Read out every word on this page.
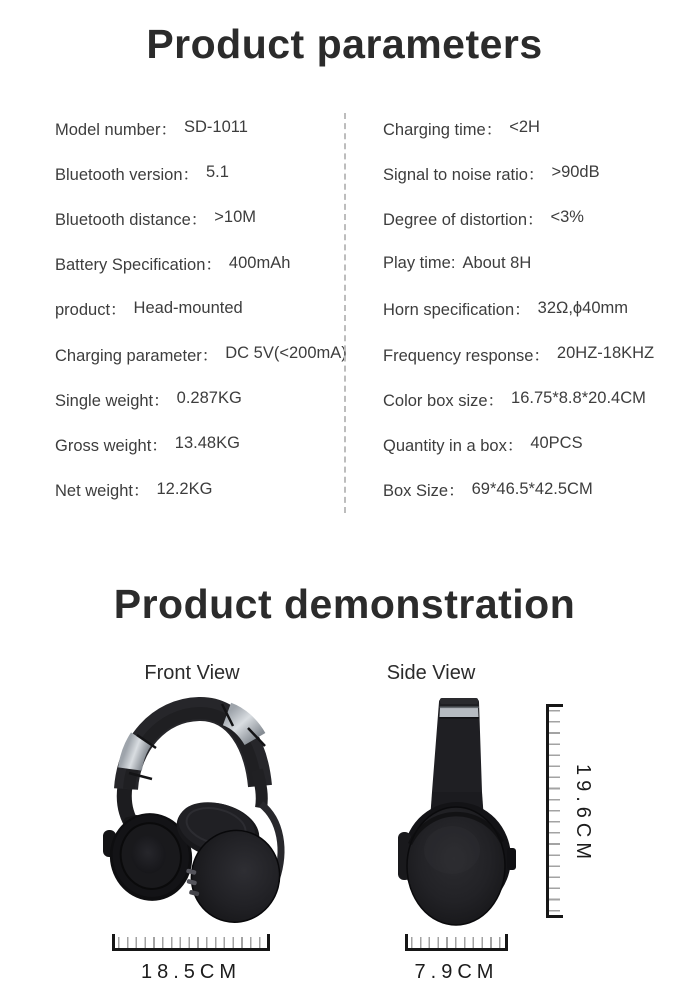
Product parameters
Model number： SD-1011
Bluetooth version： 5.1
Bluetooth distance： >10M
Battery Specification： 400mAh
product： Head-mounted
Charging parameter： DC 5V(<200mA)
Single weight： 0.287KG
Gross weight： 13.48KG
Net weight： 12.2KG
Charging time： <2H
Signal to noise ratio： >90dB
Degree of distortion： <3%
Play time: About 8H
Horn specification： 32Ω,ϕ40mm
Frequency response： 20HZ-18KHZ
Color box size： 16.75*8.8*20.4CM
Quantity in a box： 40PCS
Box Size： 69*46.5*42.5CM
Product demonstration

Front View	Side View

19.6CM

18.5CM	7.9CM
